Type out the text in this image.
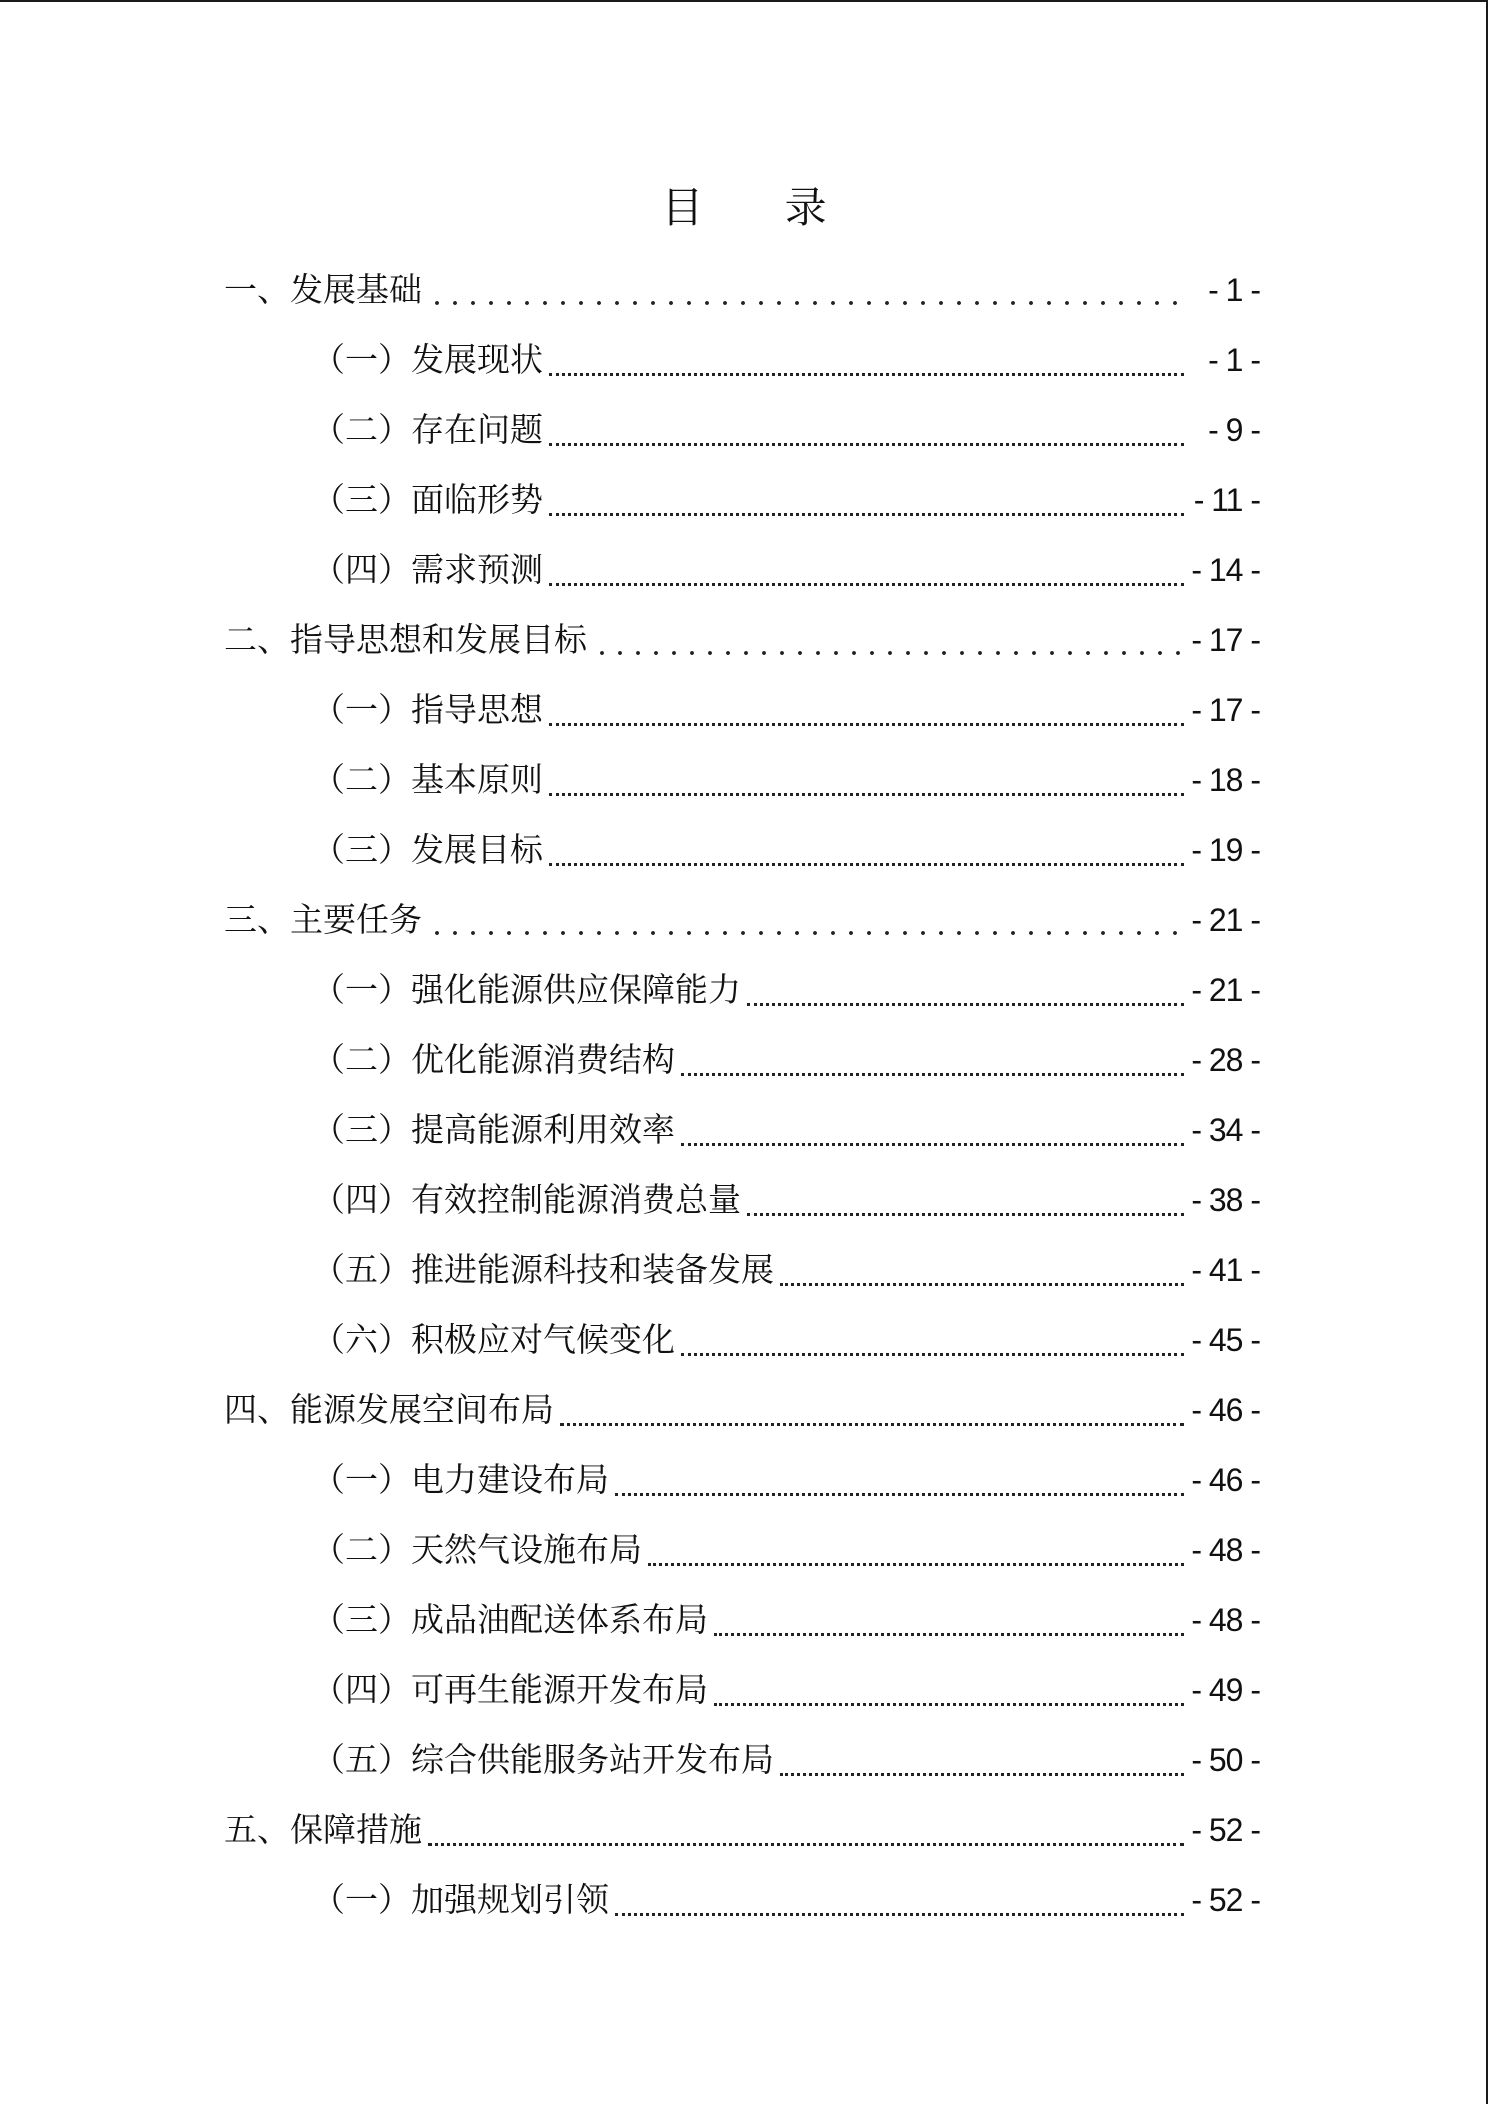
目 录
一、发展基础	- 1 -
（一）发展现状	- 1 -
（二）存在问题	- 9 -
（三）面临形势	- 11 -
（四）需求预测	- 14 -
二、指导思想和发展目标	- 17 -
（一）指导思想	- 17 -
（二）基本原则	- 18 -
（三）发展目标	- 19 -
三、主要任务	- 21 -
（一）强化能源供应保障能力	- 21 -
（二）优化能源消费结构	- 28 -
（三）提高能源利用效率	- 34 -
（四）有效控制能源消费总量	- 38 -
（五）推进能源科技和装备发展	- 41 -
（六）积极应对气候变化	- 45 -
四、能源发展空间布局	- 46 -
（一）电力建设布局	- 46 -
（二）天然气设施布局	- 48 -
（三）成品油配送体系布局	- 48 -
（四）可再生能源开发布局	- 49 -
（五）综合供能服务站开发布局	- 50 -
五、保障措施	- 52 -
（一）加强规划引领	- 52 -
